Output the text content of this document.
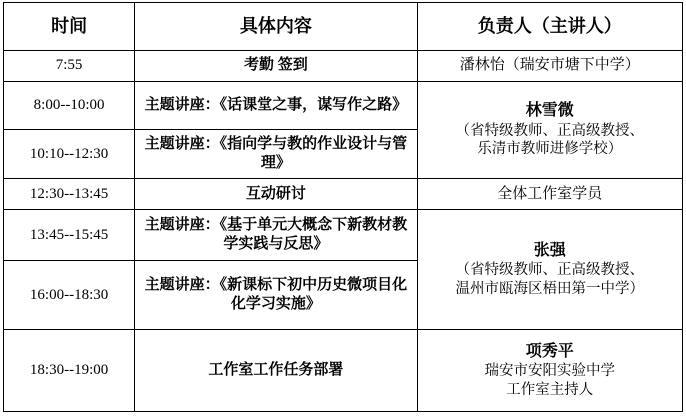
时间	具体内容	负责人（主讲人）
7:55	考勤 签到	潘林怡（瑞安市塘下中学）
8:00--10:00	主题讲座：《话课堂之事，谋写作之路》	林雪微
（省特级教师、正高级教授、
乐清市教师进修学校）

10:10--12:30	主题讲座：《指向学与教的作业设计与管理》	
12:30--13:45	互动研讨	全体工作室学员
13:45--15:45	主题讲座：《基于单元大概念下新教材教学实践与反思》	张强
（省特级教师、正高级教授、
温州市瓯海区梧田第一中学）

16:00--18:30	主题讲座：《新课标下初中历史微项目化化学习实施》	
18:30--19:00	工作室工作任务部署	项秀平
瑞安市安阳实验中学
工作室主持人
